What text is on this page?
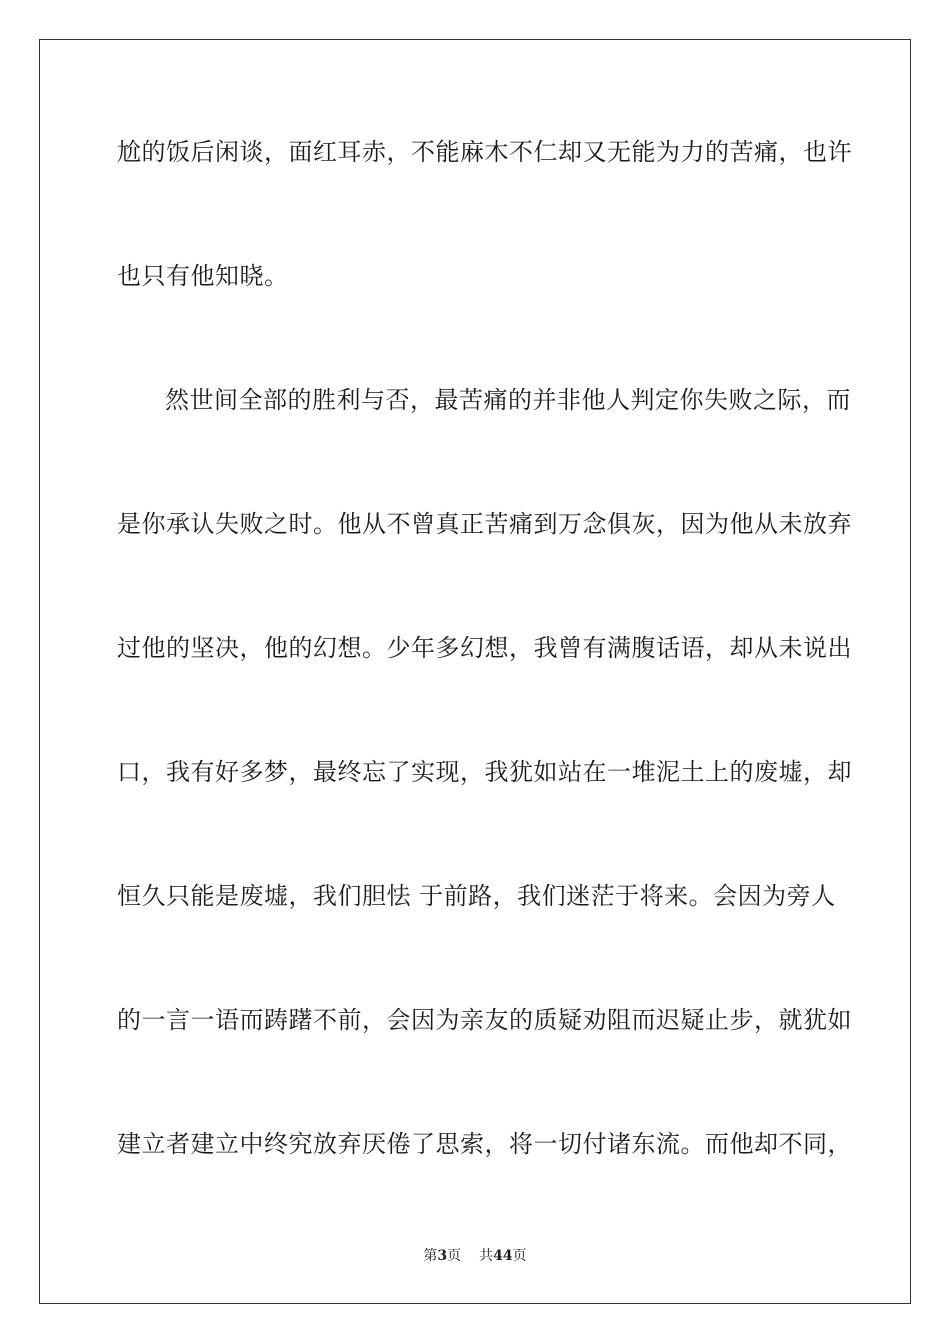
尬的饭后闲谈，面红耳赤，不能麻木不仁却又无能为力的苦痛，也许
也只有他知晓。
然世间全部的胜利与否，最苦痛的并非他人判定你失败之际，而
是你承认失败之时。他从不曾真正苦痛到万念俱灰，因为他从未放弃
过他的坚决，他的幻想。少年多幻想，我曾有满腹话语，却从未说出
口，我有好多梦，最终忘了实现，我犹如站在一堆泥土上的废墟，却
恒久只能是废墟，我们胆怯 于前路，我们迷茫于将来。会因为旁人
的一言一语而踌躇不前，会因为亲友的质疑劝阻而迟疑止步，就犹如
建立者建立中终究放弃厌倦了思索，将一切付诸东流。而他却不同，
第3页 共44页
